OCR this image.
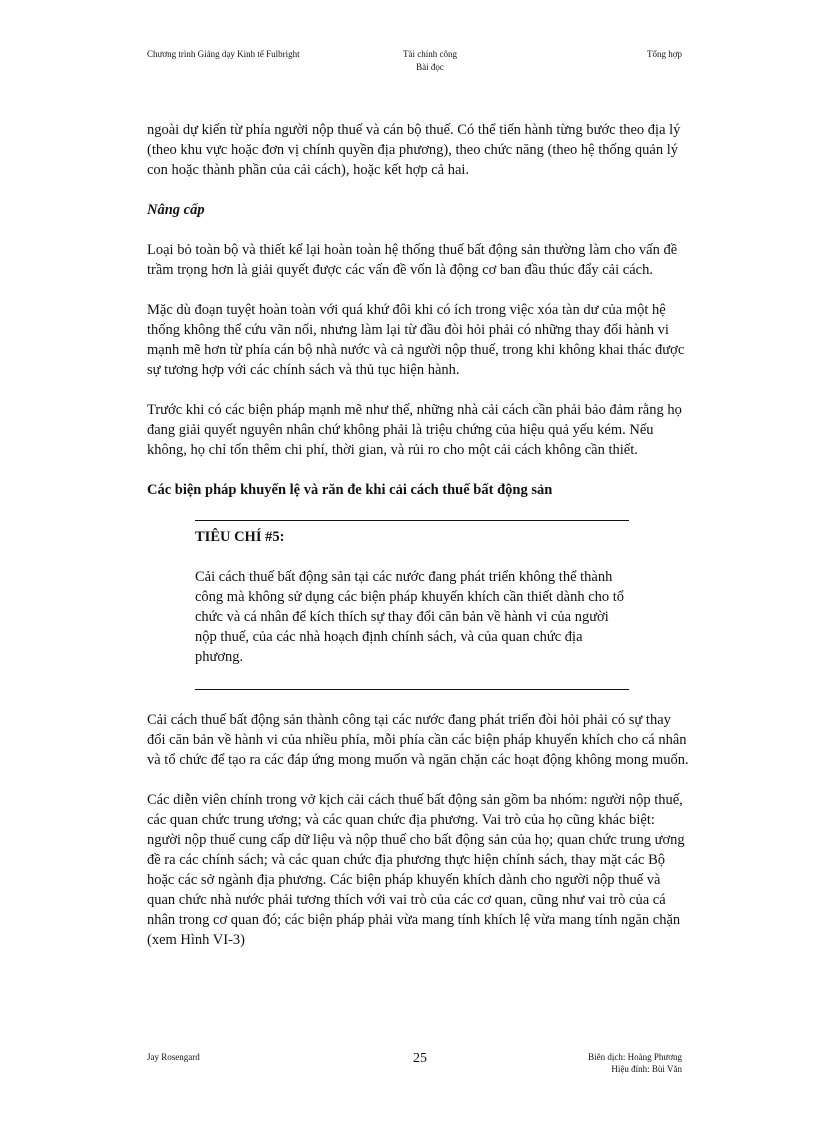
Chương trình Giảng dạy Kinh tế Fulbright	Tài chính công
Bài đọc
Tổng hợp

ngoài dự kiến từ phía người nộp thuế và cán bộ thuế. Có thể tiến hành từng bước theo địa lý (theo khu vực hoặc đơn vị chính quyền địa phương), theo chức năng (theo hệ thống quản lý con hoặc thành phần của cải cách), hoặc kết hợp cả hai.

Nâng cấp

Loại bỏ toàn bộ và thiết kế lại hoàn toàn hệ thống thuế bất động sản thường làm cho vấn đề trầm trọng hơn là giải quyết được các vấn đề vốn là động cơ ban đầu thúc đẩy cải cách.

Mặc dù đoạn tuyệt hoàn toàn với quá khứ đôi khi có ích trong việc xóa tàn dư của một hệ thống không thể cứu vãn nổi, nhưng làm lại từ đầu đòi hỏi phải có những thay đổi hành vi mạnh mẽ hơn từ phía cán bộ nhà nước và cả người nộp thuế, trong khi không khai thác được sự tương hợp với các chính sách và thủ tục hiện hành.

Trước khi có các biện pháp mạnh mẽ như thế, những nhà cải cách cần phải bảo đảm rằng họ đang giải quyết nguyên nhân chứ không phải là triệu chứng của hiệu quả yếu kém. Nếu không, họ chỉ tốn thêm chi phí, thời gian, và rủi ro cho một cải cách không cần thiết.

Các biện pháp khuyến lệ và răn đe khi cải cách thuế bất động sản

TIÊU CHÍ #5:

Cải cách thuế bất động sản tại các nước đang phát triển không thể thành công mà không sử dụng các biện pháp khuyến khích cần thiết dành cho tổ chức và cá nhân để kích thích sự thay đổi căn bản về hành vi của người nộp thuế, của các nhà hoạch định chính sách, và của quan chức địa phương.

Cải cách thuế bất động sản thành công tại các nước đang phát triển đòi hỏi phải có sự thay đổi căn bản về hành vi của nhiều phía, mỗi phía cần các biện pháp khuyến khích cho cá nhân và tổ chức để tạo ra các đáp ứng mong muốn và ngăn chặn các hoạt động không mong muốn.

Các diễn viên chính trong vở kịch cải cách thuế bất động sản gồm ba nhóm: người nộp thuế, các quan chức trung ương; và các quan chức địa phương. Vai trò của họ cũng khác biệt: người nộp thuế cung cấp dữ liệu và nộp thuế cho bất động sản của họ; quan chức trung ương đề ra các chính sách; và các quan chức địa phương thực hiện chính sách, thay mặt các Bộ hoặc các sở ngành địa phương. Các biện pháp khuyến khích dành cho người nộp thuế và quan chức nhà nước phải tương thích với vai trò của các cơ quan, cũng như vai trò của cá nhân trong cơ quan đó; các biện pháp phải vừa mang tính khích lệ vừa mang tính ngăn chặn (xem Hình VI-3)

Jay Rosengard	25	Biên dịch: Hoàng Phương
Hiệu đính: Bùi Văn
